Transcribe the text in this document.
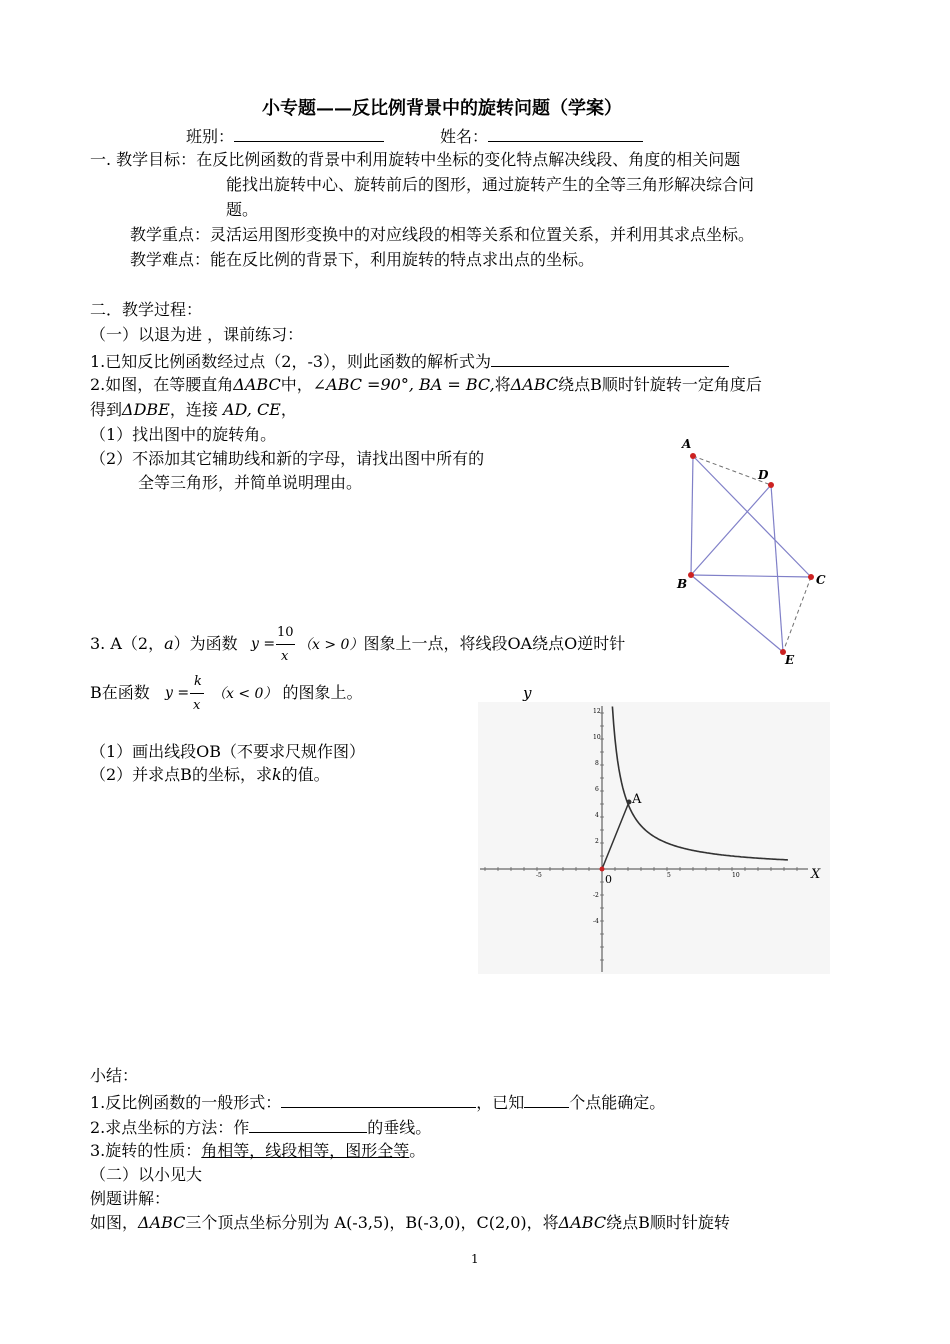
小专题——反比例背景中的旋转问题（学案）
班别：	姓名：
一. 教学目标：在反比例函数的背景中利用旋转中坐标的变化特点解决线段、角度的相关问题
能找出旋转中心、旋转前后的图形，通过旋转产生的全等三角形解决综合问
题。
教学重点：灵活运用图形变换中的对应线段的相等关系和位置关系，并利用其求点坐标。
教学难点：能在反比例的背景下，利用旋转的特点求出点的坐标。
二．教学过程：
（一）以退为进 ，课前练习：
1.已知反比例函数经过点（2，-3），则此函数的解析式为
2.如图，在等腰直角ΔABC中，∠ABC =90°, BA = BC,将ΔABC绕点B顺时针旋转一定角度后
得到ΔDBE，连接 AD, CE，
（1）找出图中的旋转角。
（2）不添加其它辅助线和新的字母，请找出图中所有的
全等三角形，并简单说明理由。
A
B	C
D
E
3. A（2，a）为函数 y =
10
x
（x > 0）图象上一点，将线段OA绕点O逆时针
B在函数 y =
k
x
（x < 0） 的图象上。
（1）画出线段OB（不要求尺规作图）
（2）并求点B的坐标，求k的值。
y
A
0
-5	5	10
12
10
8
6
4
2
-2
-4
X
小结：
1.反比例函数的一般形式：	，已知	个点能确定。
2.求点坐标的方法：作	的垂线。
3.旋转的性质：角相等，线段相等，图形全等。
（二）以小见大
例题讲解：
如图，ΔABC三个顶点坐标分别为 A(-3,5)，B(-3,0)，C(2,0)，将ΔABC绕点B顺时针旋转
1
